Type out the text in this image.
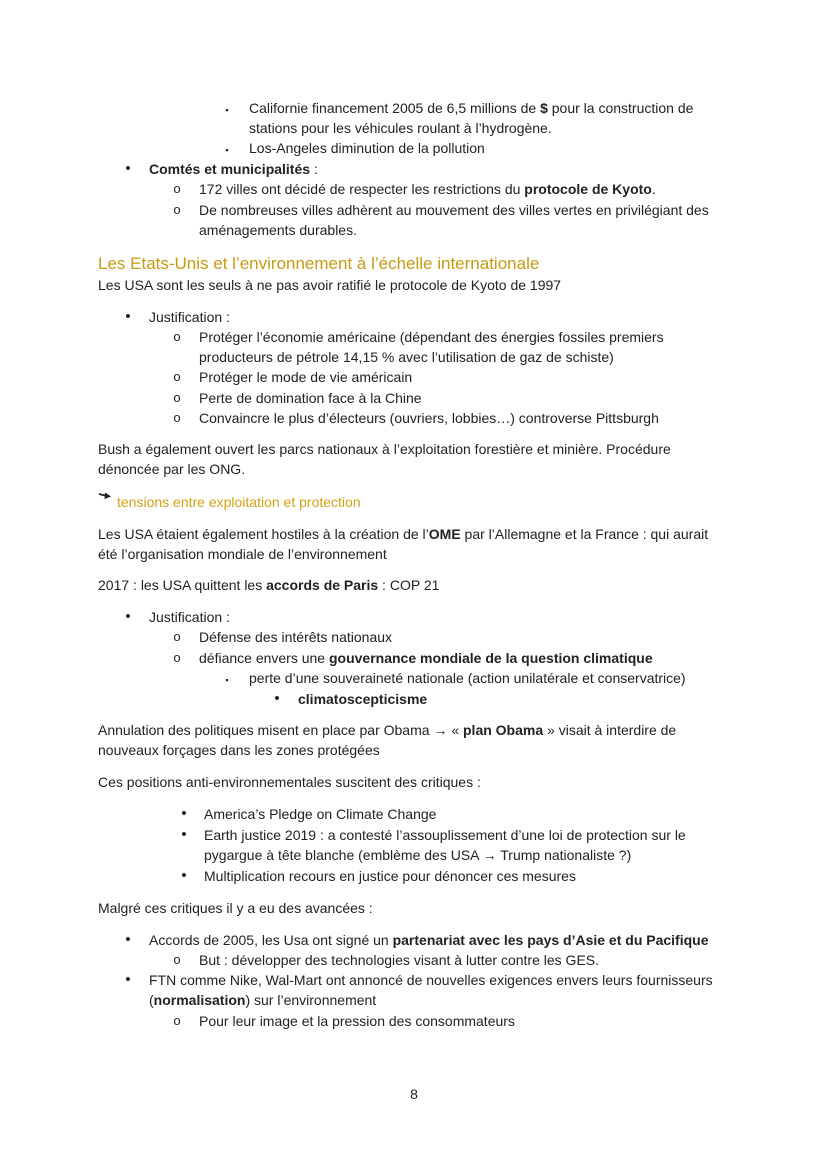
▪	Californie financement 2005 de 6,5 millions de $ pour la construction de
stations pour les véhicules roulant à l’hydrogène.
▪	Los-Angeles diminution de la pollution
•	Comtés et municipalités :
o 172 villes ont décidé de respecter les restrictions du protocole de Kyoto.
o De nombreuses villes adhèrent au mouvement des villes vertes en privilégiant des
aménagements durables.
Les Etats-Unis et l’environnement à l’échelle internationale
Les USA sont les seuls à ne pas avoir ratifié le protocole de Kyoto de 1997
•	Justification :
o Protéger l’économie américaine (dépendant des énergies fossiles premiers
producteurs de pétrole 14,15 % avec l’utilisation de gaz de schiste)
o Protéger le mode de vie américain
o Perte de domination face à la Chine
o Convaincre le plus d’électeurs (ouvriers, lobbies…) controverse Pittsburgh
Bush a également ouvert les parcs nationaux à l’exploitation forestière et minière. Procédure
dénoncée par les ONG.
tensions entre exploitation et protection
Les USA étaient également hostiles à la création de l’OME par l’Allemagne et la France : qui aurait
été l’organisation mondiale de l’environnement
2017 : les USA quittent les accords de Paris : COP 21
•	Justification :
o Défense des intérêts nationaux
o défiance envers une gouvernance mondiale de la question climatique
▪	perte d’une souveraineté nationale (action unilatérale et conservatrice)
•	climatoscepticisme
Annulation des politiques misent en place par Obama → « plan Obama » visait à interdire de
nouveaux forçages dans les zones protégées
Ces positions anti-environnementales suscitent des critiques :
•	America’s Pledge on Climate Change
•	Earth justice 2019 : a contesté l’assouplissement d’une loi de protection sur le
pygargue à tête blanche (emblème des USA → Trump nationaliste ?)
•	Multiplication recours en justice pour dénoncer ces mesures
Malgré ces critiques il y a eu des avancées :
•	Accords de 2005, les Usa ont signé un partenariat avec les pays d’Asie et du Pacifique
o But : développer des technologies visant à lutter contre les GES.
•	FTN comme Nike, Wal-Mart ont annoncé de nouvelles exigences envers leurs fournisseurs
(normalisation) sur l’environnement
o Pour leur image et la pression des consommateurs
8
